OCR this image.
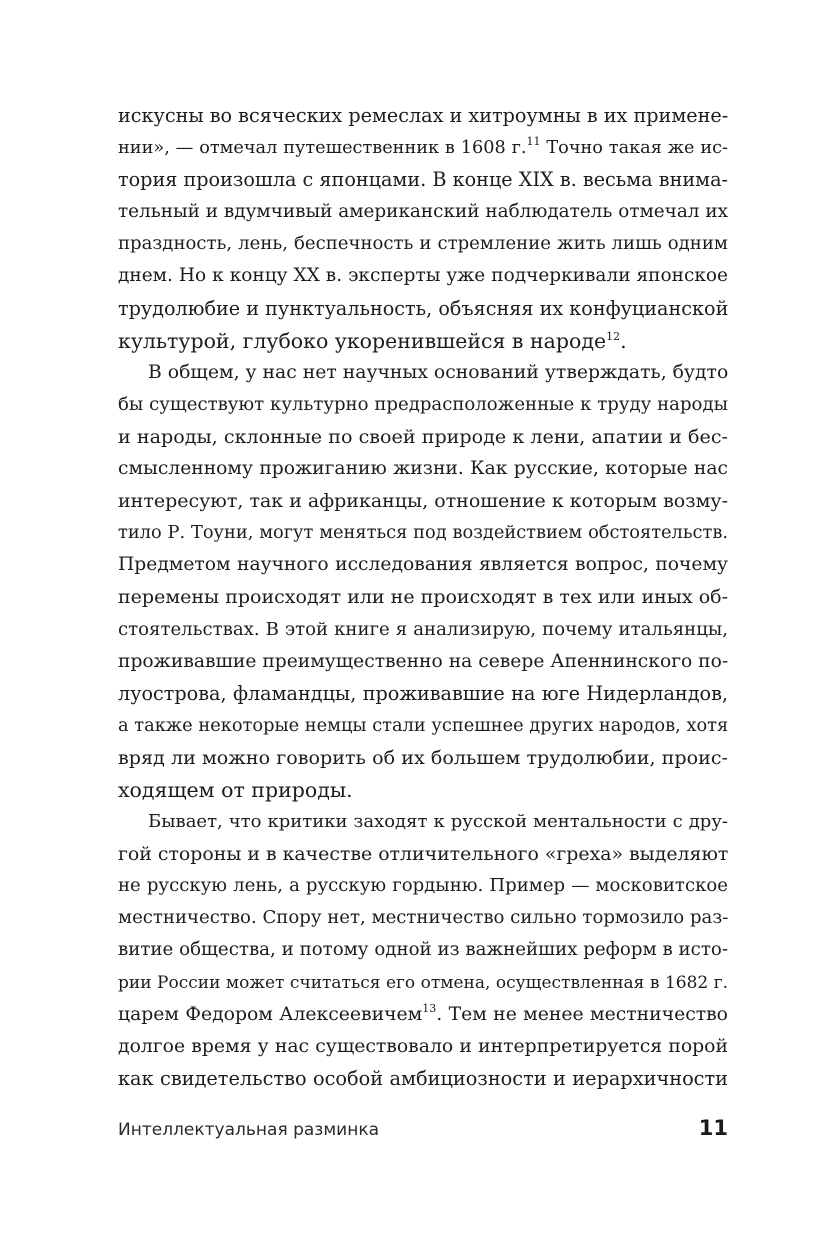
искусны во всяческих ремеслах и хитроумны в их примене-
нии», — отмечал путешественник в 1608 г.$^{11}$ Точно такая же ис-
тория произошла с японцами. В конце XIX в. весьма внима-
тельный и вдумчивый американский наблюдатель отмечал их
праздность, лень, беспечность и стремление жить лишь одним
днем. Но к концу XX в. эксперты уже подчеркивали японское
трудолюбие и пунктуальность, объясняя их конфуцианской
культурой, глубоко укоренившейся в народе$^{12}$.
В общем, у нас нет научных оснований утверждать, будто
бы существуют культурно предрасположенные к труду народы
и народы, склонные по своей природе к лени, апатии и бес-
смысленному прожиганию жизни. Как русские, которые нас
интересуют, так и африканцы, отношение к которым возму-
тило Р. Тоуни, могут меняться под воздействием обстоятельств.
Предметом научного исследования является вопрос, почему
перемены происходят или не происходят в тех или иных об-
стоятельствах. В этой книге я анализирую, почему итальянцы,
проживавшие преимущественно на севере Апеннинского по-
луострова, фламандцы, проживавшие на юге Нидерландов,
а также некоторые немцы стали успешнее других народов, хотя
вряд ли можно говорить об их большем трудолюбии, проис-
ходящем от природы.
Бывает, что критики заходят к русской ментальности с дру-
гой стороны и в качестве отличительного «греха» выделяют
не русскую лень, а русскую гордыню. Пример — московитское
местничество. Спору нет, местничество сильно тормозило раз-
витие общества, и потому одной из важнейших реформ в исто-
рии России может считаться его отмена, осуществленная в 1682 г.
царем Федором Алексеевичем$^{13}$. Тем не менее местничество
долгое время у нас существовало и интерпретируется порой
как свидетельство особой амбициозности и иерархичности
Интеллектуальная разминка	11
